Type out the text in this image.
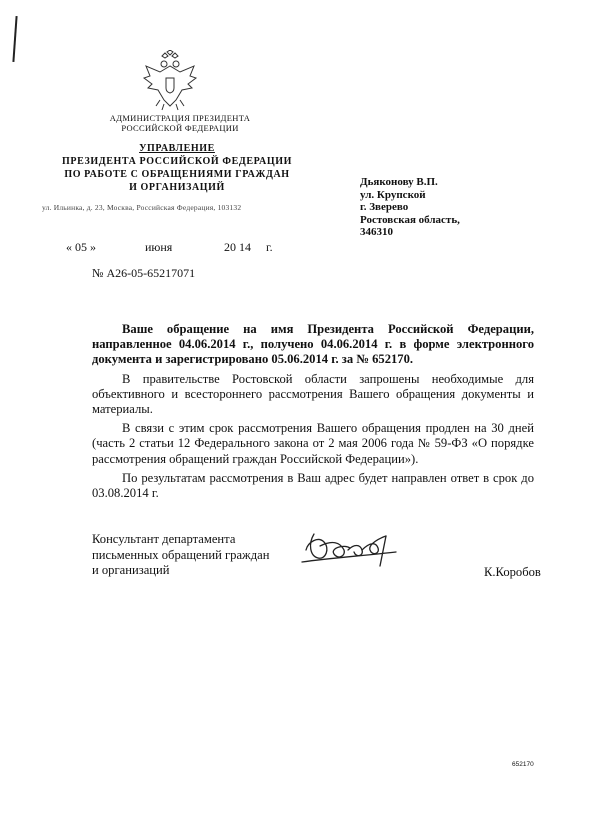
АДМИНИСТРАЦИЯ ПРЕЗИДЕНТА
РОССИЙСКОЙ ФЕДЕРАЦИИ
УПРАВЛЕНИЕ
ПРЕЗИДЕНТА РОССИЙСКОЙ ФЕДЕРАЦИИ
ПО РАБОТЕ С ОБРАЩЕНИЯМИ ГРАЖДАН
И ОРГАНИЗАЦИЙ
ул. Ильинка, д. 23, Москва, Российская Федерация, 103132
Дьяконову В.П.
ул. Крупской
г. Зверево
Ростовская область,
346310
« 05 »	июня	20 14 г.
№ А26-05-65217071

Ваше обращение на имя Президента Российской Федерации, направленное 04.06.2014 г., получено 04.06.2014 г. в форме электронного документа и зарегистрировано 05.06.2014 г. за № 652170.

В правительстве Ростовской области запрошены необходимые для объективного и всестороннего рассмотрения Вашего обращения документы и материалы.

В связи с этим срок рассмотрения Вашего обращения продлен на 30 дней (часть 2 статьи 12 Федерального закона от 2 мая 2006 года № 59-ФЗ «О порядке рассмотрения обращений граждан Российской Федерации»).

По результатам рассмотрения в Ваш адрес будет направлен ответ в срок до 03.08.2014 г.

Консультант департамента
письменных обращений граждан
и организаций	К.Коробов
652170
